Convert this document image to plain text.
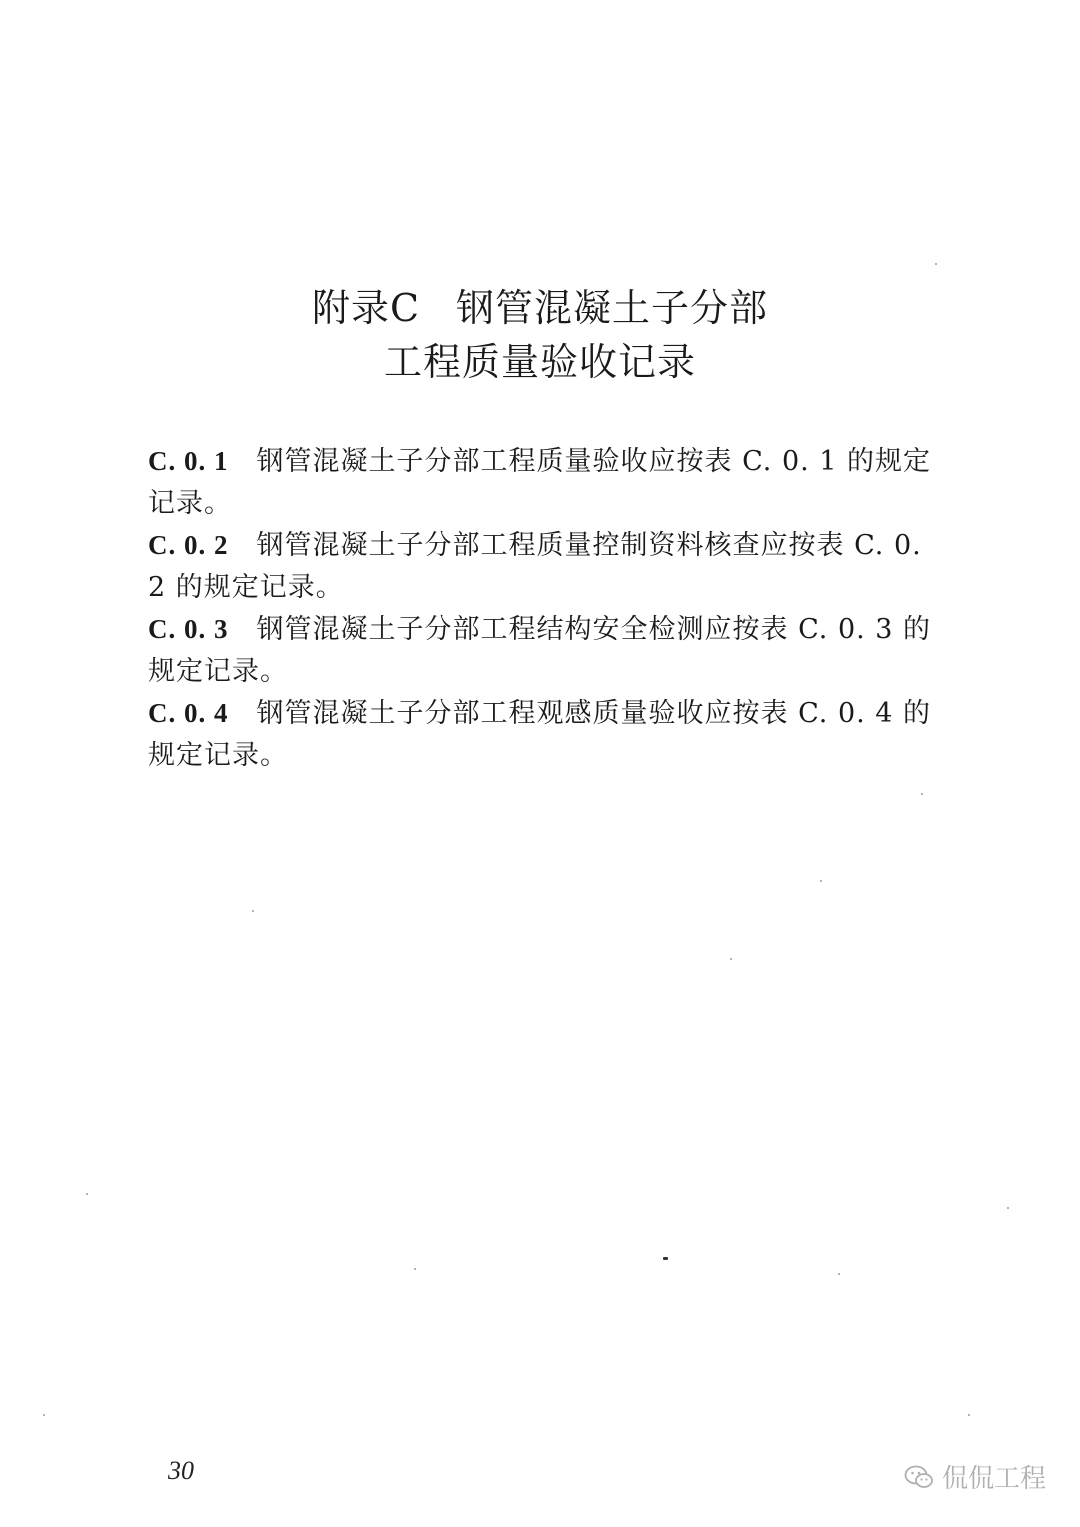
附录C 钢管混凝土子分部
工程质量验收记录
C. 0. 1 钢管混凝土子分部工程质量验收应按表 C. 0. 1 的规定记录。
C. 0. 2 钢管混凝土子分部工程质量控制资料核查应按表 C. 0. 2 的规定记录。
C. 0. 3 钢管混凝土子分部工程结构安全检测应按表 C. 0. 3 的规定记录。
C. 0. 4 钢管混凝土子分部工程观感质量验收应按表 C. 0. 4 的规定记录。
30	侃侃工程
